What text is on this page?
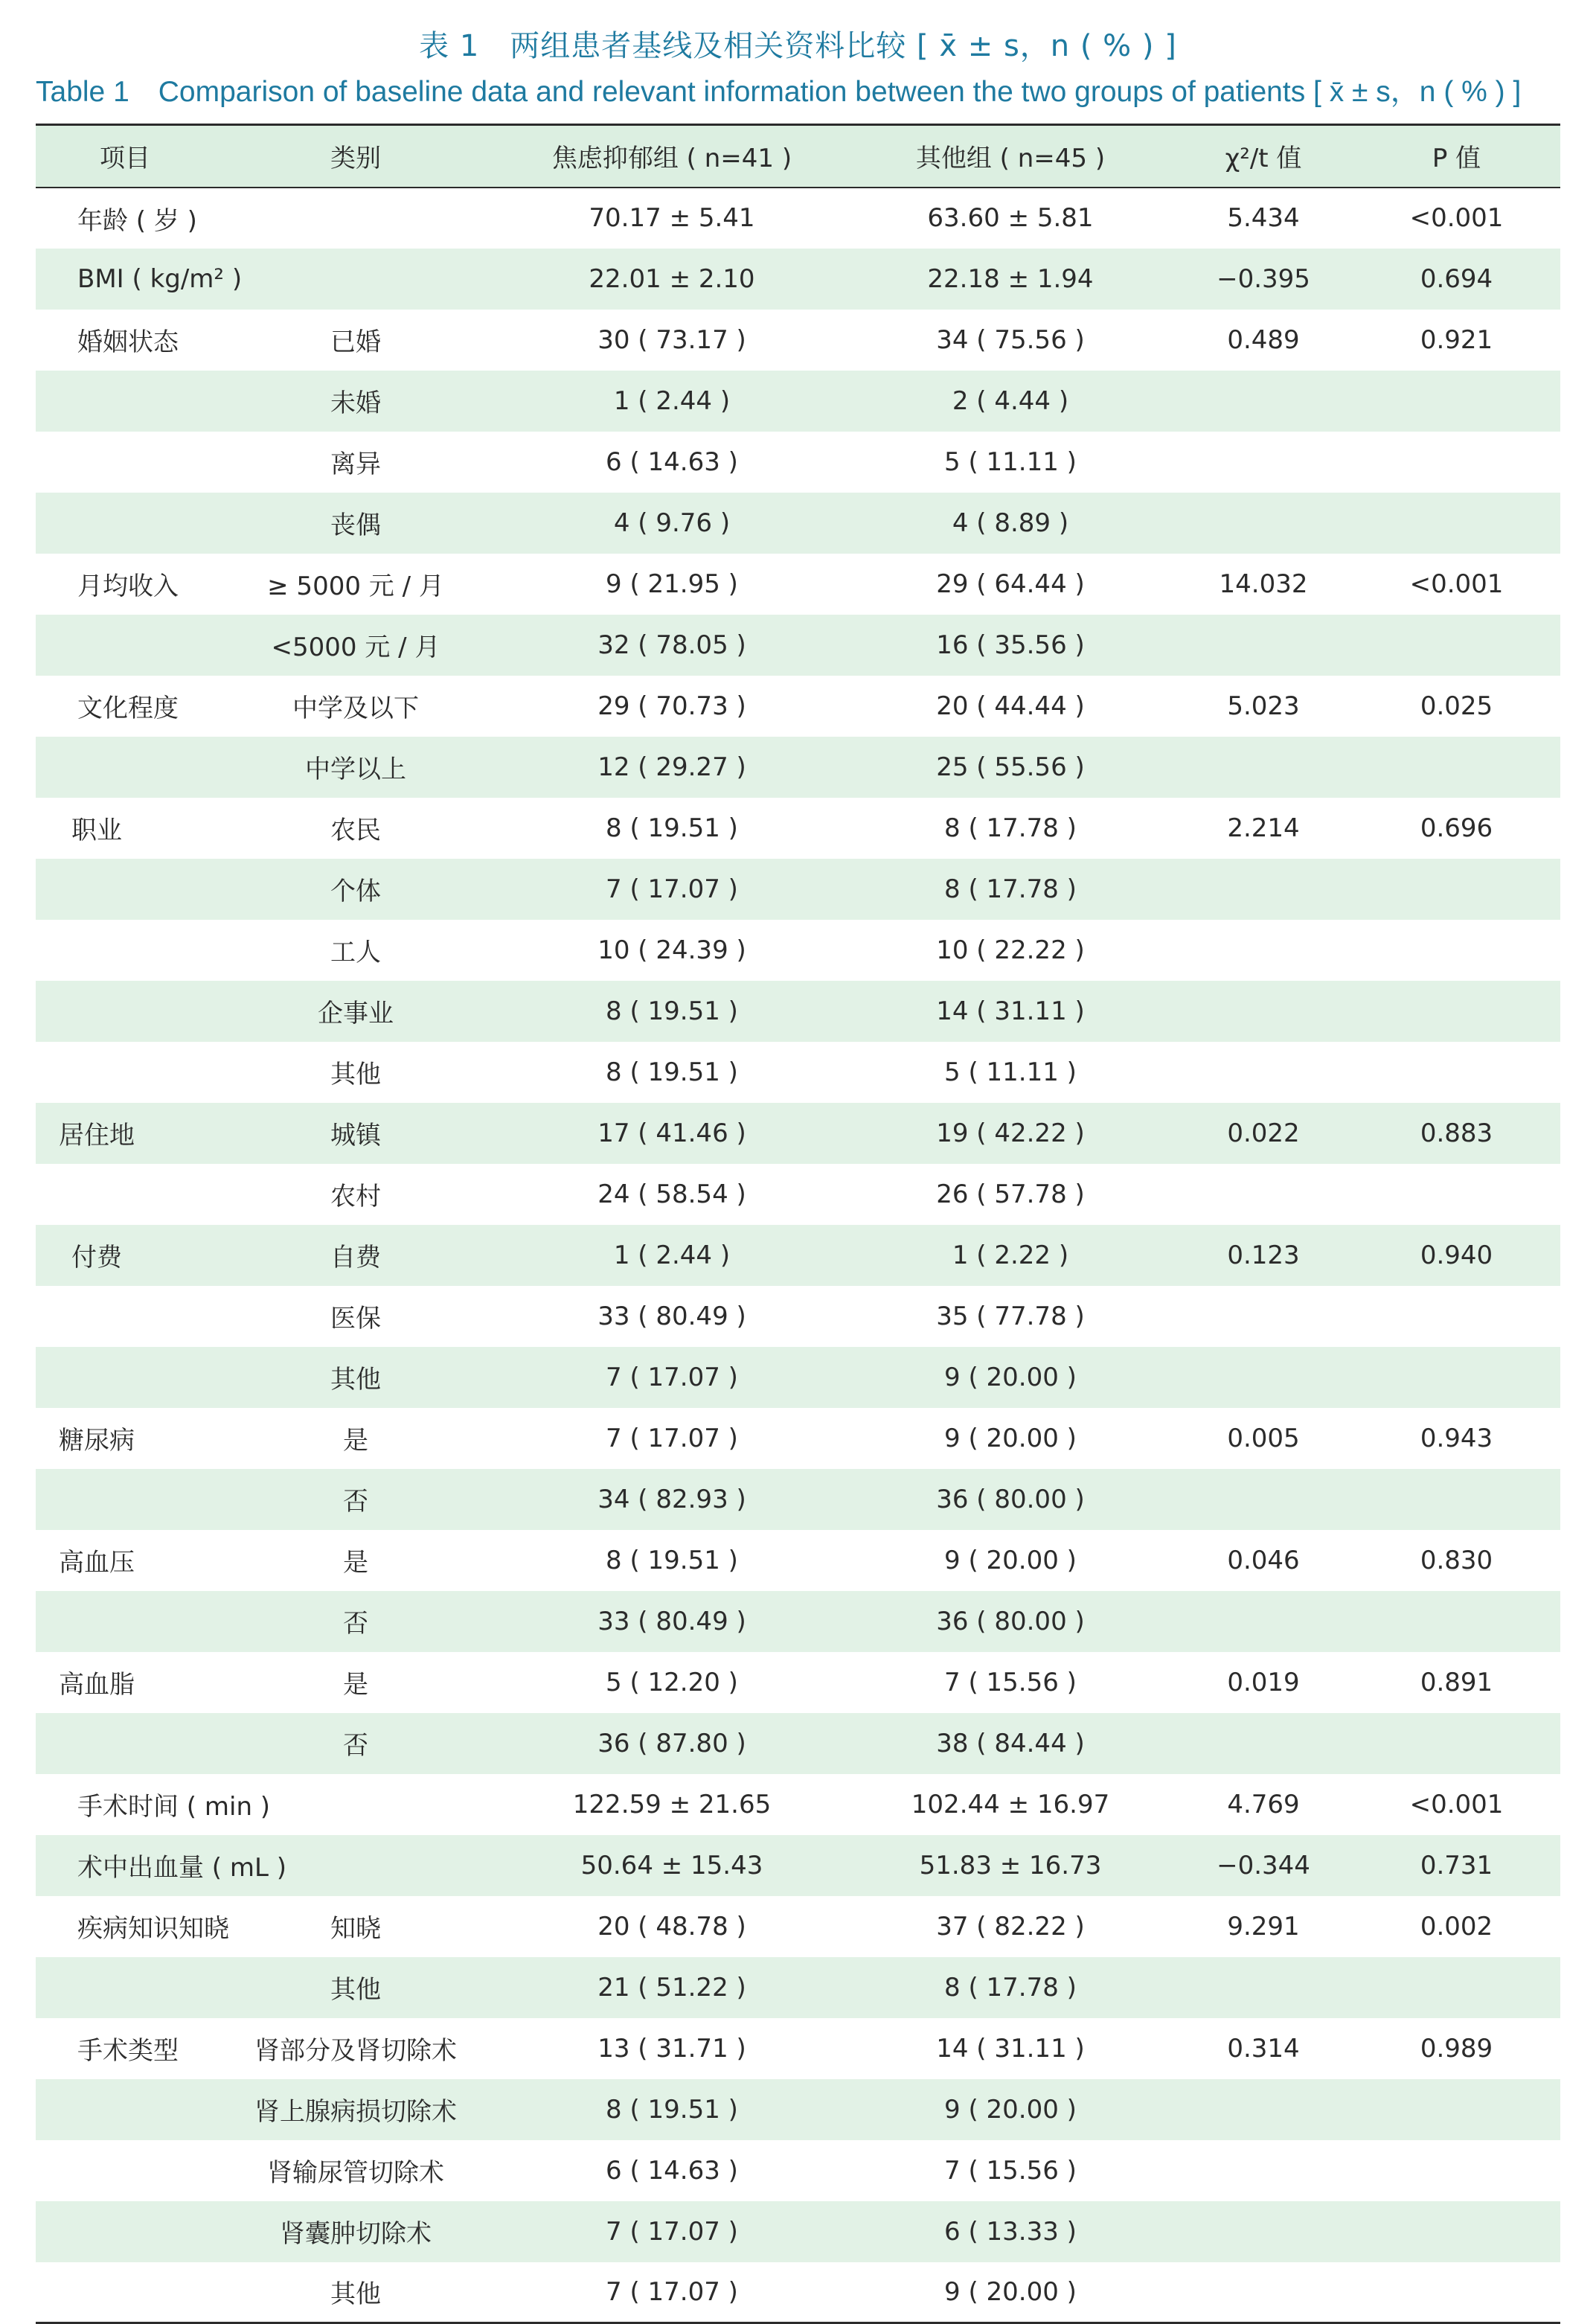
表 1　两组患者基线及相关资料比较 [ x̄ ± s，n ( % ) ]
Table 1　Comparison of baseline data and relevant information between the two groups of patients [ x̄ ± s，n ( % ) ]
项目	类别	焦虑抑郁组 ( n=41 )	其他组 ( n=45 )	χ²/t 值	P 值
年龄 ( 岁 )		70.17 ± 5.41	63.60 ± 5.81	5.434	<0.001
BMI ( kg/m² )		22.01 ± 2.10	22.18 ± 1.94	−0.395	0.694
婚姻状态	已婚	30 ( 73.17 )	34 ( 75.56 )	0.489	0.921
	未婚	1 ( 2.44 )	2 ( 4.44 )		
	离异	6 ( 14.63 )	5 ( 11.11 )		
	丧偶	4 ( 9.76 )	4 ( 8.89 )		
月均收入	≥ 5000 元 / 月	9 ( 21.95 )	29 ( 64.44 )	14.032	<0.001
	<5000 元 / 月	32 ( 78.05 )	16 ( 35.56 )		
文化程度	中学及以下	29 ( 70.73 )	20 ( 44.44 )	5.023	0.025
	中学以上	12 ( 29.27 )	25 ( 55.56 )		
职业	农民	8 ( 19.51 )	8 ( 17.78 )	2.214	0.696
	个体	7 ( 17.07 )	8 ( 17.78 )		
	工人	10 ( 24.39 )	10 ( 22.22 )		
	企事业	8 ( 19.51 )	14 ( 31.11 )		
	其他	8 ( 19.51 )	5 ( 11.11 )		
居住地	城镇	17 ( 41.46 )	19 ( 42.22 )	0.022	0.883
	农村	24 ( 58.54 )	26 ( 57.78 )		
付费	自费	1 ( 2.44 )	1 ( 2.22 )	0.123	0.940
	医保	33 ( 80.49 )	35 ( 77.78 )		
	其他	7 ( 17.07 )	9 ( 20.00 )		
糖尿病	是	7 ( 17.07 )	9 ( 20.00 )	0.005	0.943
	否	34 ( 82.93 )	36 ( 80.00 )		
高血压	是	8 ( 19.51 )	9 ( 20.00 )	0.046	0.830
	否	33 ( 80.49 )	36 ( 80.00 )		
高血脂	是	5 ( 12.20 )	7 ( 15.56 )	0.019	0.891
	否	36 ( 87.80 )	38 ( 84.44 )		
手术时间 ( min )		122.59 ± 21.65	102.44 ± 16.97	4.769	<0.001
术中出血量 ( mL )		50.64 ± 15.43	51.83 ± 16.73	−0.344	0.731
疾病知识知晓	知晓	20 ( 48.78 )	37 ( 82.22 )	9.291	0.002
	其他	21 ( 51.22 )	8 ( 17.78 )		
手术类型	肾部分及肾切除术	13 ( 31.71 )	14 ( 31.11 )	0.314	0.989
	肾上腺病损切除术	8 ( 19.51 )	9 ( 20.00 )		
	肾输尿管切除术	6 ( 14.63 )	7 ( 15.56 )		
	肾囊肿切除术	7 ( 17.07 )	6 ( 13.33 )		
	其他	7 ( 17.07 )	9 ( 20.00 )		
